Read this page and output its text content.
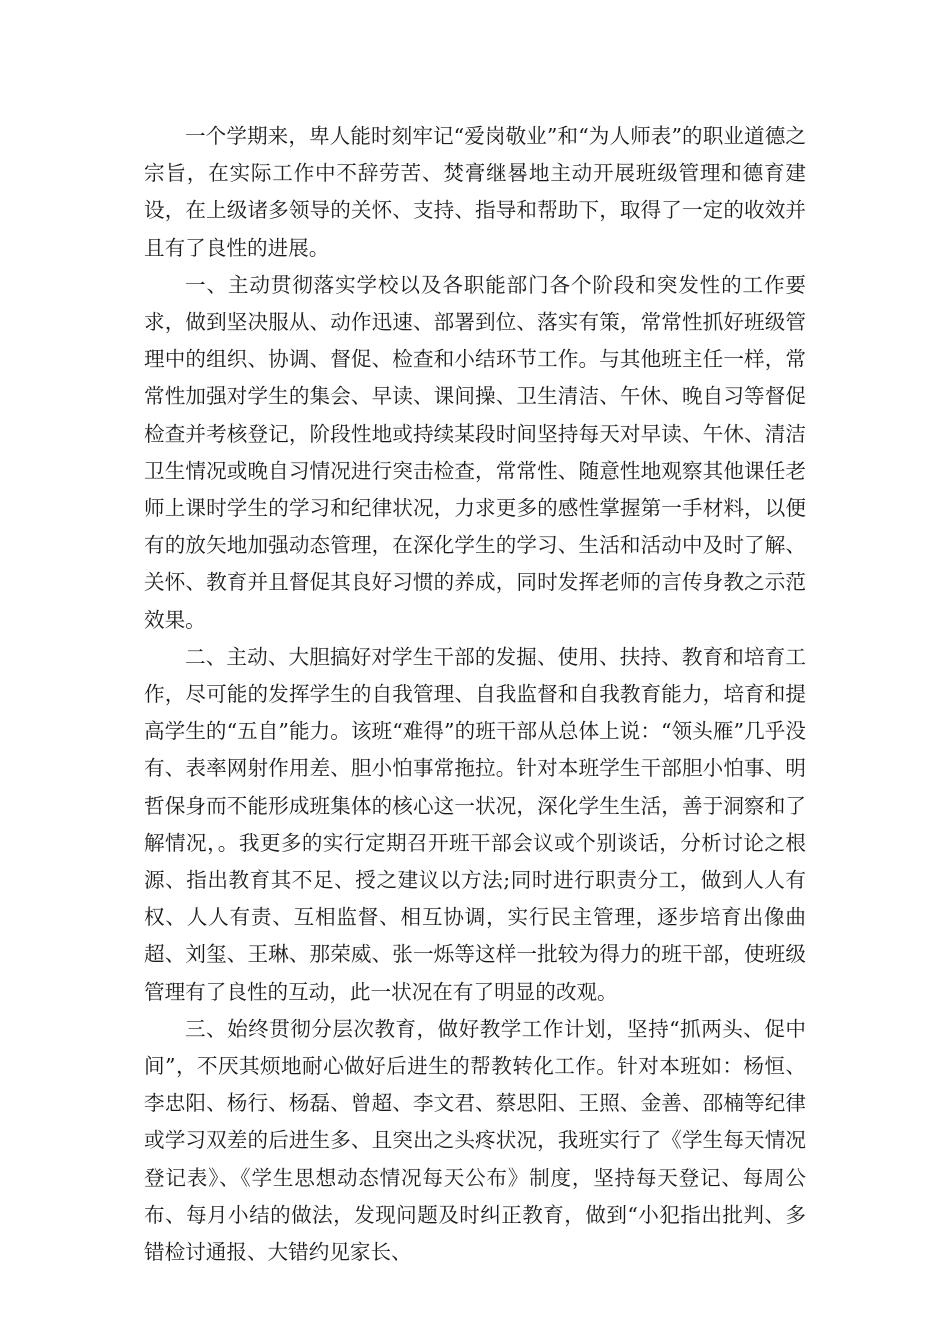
一个学期来，卑人能时刻牢记“爱岗敬业”和“为人师表”的职业道德之宗旨，在实际工作中不辞劳苦、焚膏继晷地主动开展班级管理和德育建设，在上级诸多领导的关怀、支持、指导和帮助下，取得了一定的收效并且有了良性的进展。

一、主动贯彻落实学校以及各职能部门各个阶段和突发性的工作要求，做到坚决服从、动作迅速、部署到位、落实有策，常常性抓好班级管理中的组织、协调、督促、检查和小结环节工作。与其他班主任一样，常常性加强对学生的集会、早读、课间操、卫生清洁、午休、晚自习等督促检查并考核登记，阶段性地或持续某段时间坚持每天对早读、午休、清洁卫生情况或晚自习情况进行突击检查，常常性、随意性地观察其他课任老师上课时学生的学习和纪律状况，力求更多的感性掌握第一手材料，以便有的放矢地加强动态管理，在深化学生的学习、生活和活动中及时了解、关怀、教育并且督促其良好习惯的养成，同时发挥老师的言传身教之示范效果。

二、主动、大胆搞好对学生干部的发掘、使用、扶持、教育和培育工作，尽可能的发挥学生的自我管理、自我监督和自我教育能力，培育和提高学生的“五自”能力。该班“难得”的班干部从总体上说：“领头雁”几乎没有、表率网射作用差、胆小怕事常拖拉。针对本班学生干部胆小怕事、明哲保身而不能形成班集体的核心这一状况，深化学生生活，善于洞察和了解情况，。我更多的实行定期召开班干部会议或个别谈话，分析讨论之根源、指出教育其不足、授之建议以方法;同时进行职责分工，做到人人有权、人人有责、互相监督、相互协调，实行民主管理，逐步培育出像曲超、刘玺、王琳、那荣威、张一烁等这样一批较为得力的班干部，使班级管理有了良性的互动，此一状况在有了明显的改观。

三、始终贯彻分层次教育，做好教学工作计划，坚持“抓两头、促中间”，不厌其烦地耐心做好后进生的帮教转化工作。针对本班如：杨恒、李忠阳、杨行、杨磊、曾超、李文君、蔡思阳、王照、金善、邵楠等纪律或学习双差的后进生多、且突出之头疼状况，我班实行了《学生每天情况登记表》、《学生思想动态情况每天公布》制度，坚持每天登记、每周公布、每月小结的做法，发现问题及时纠正教育，做到“小犯指出批判、多错检讨通报、大错约见家长、
